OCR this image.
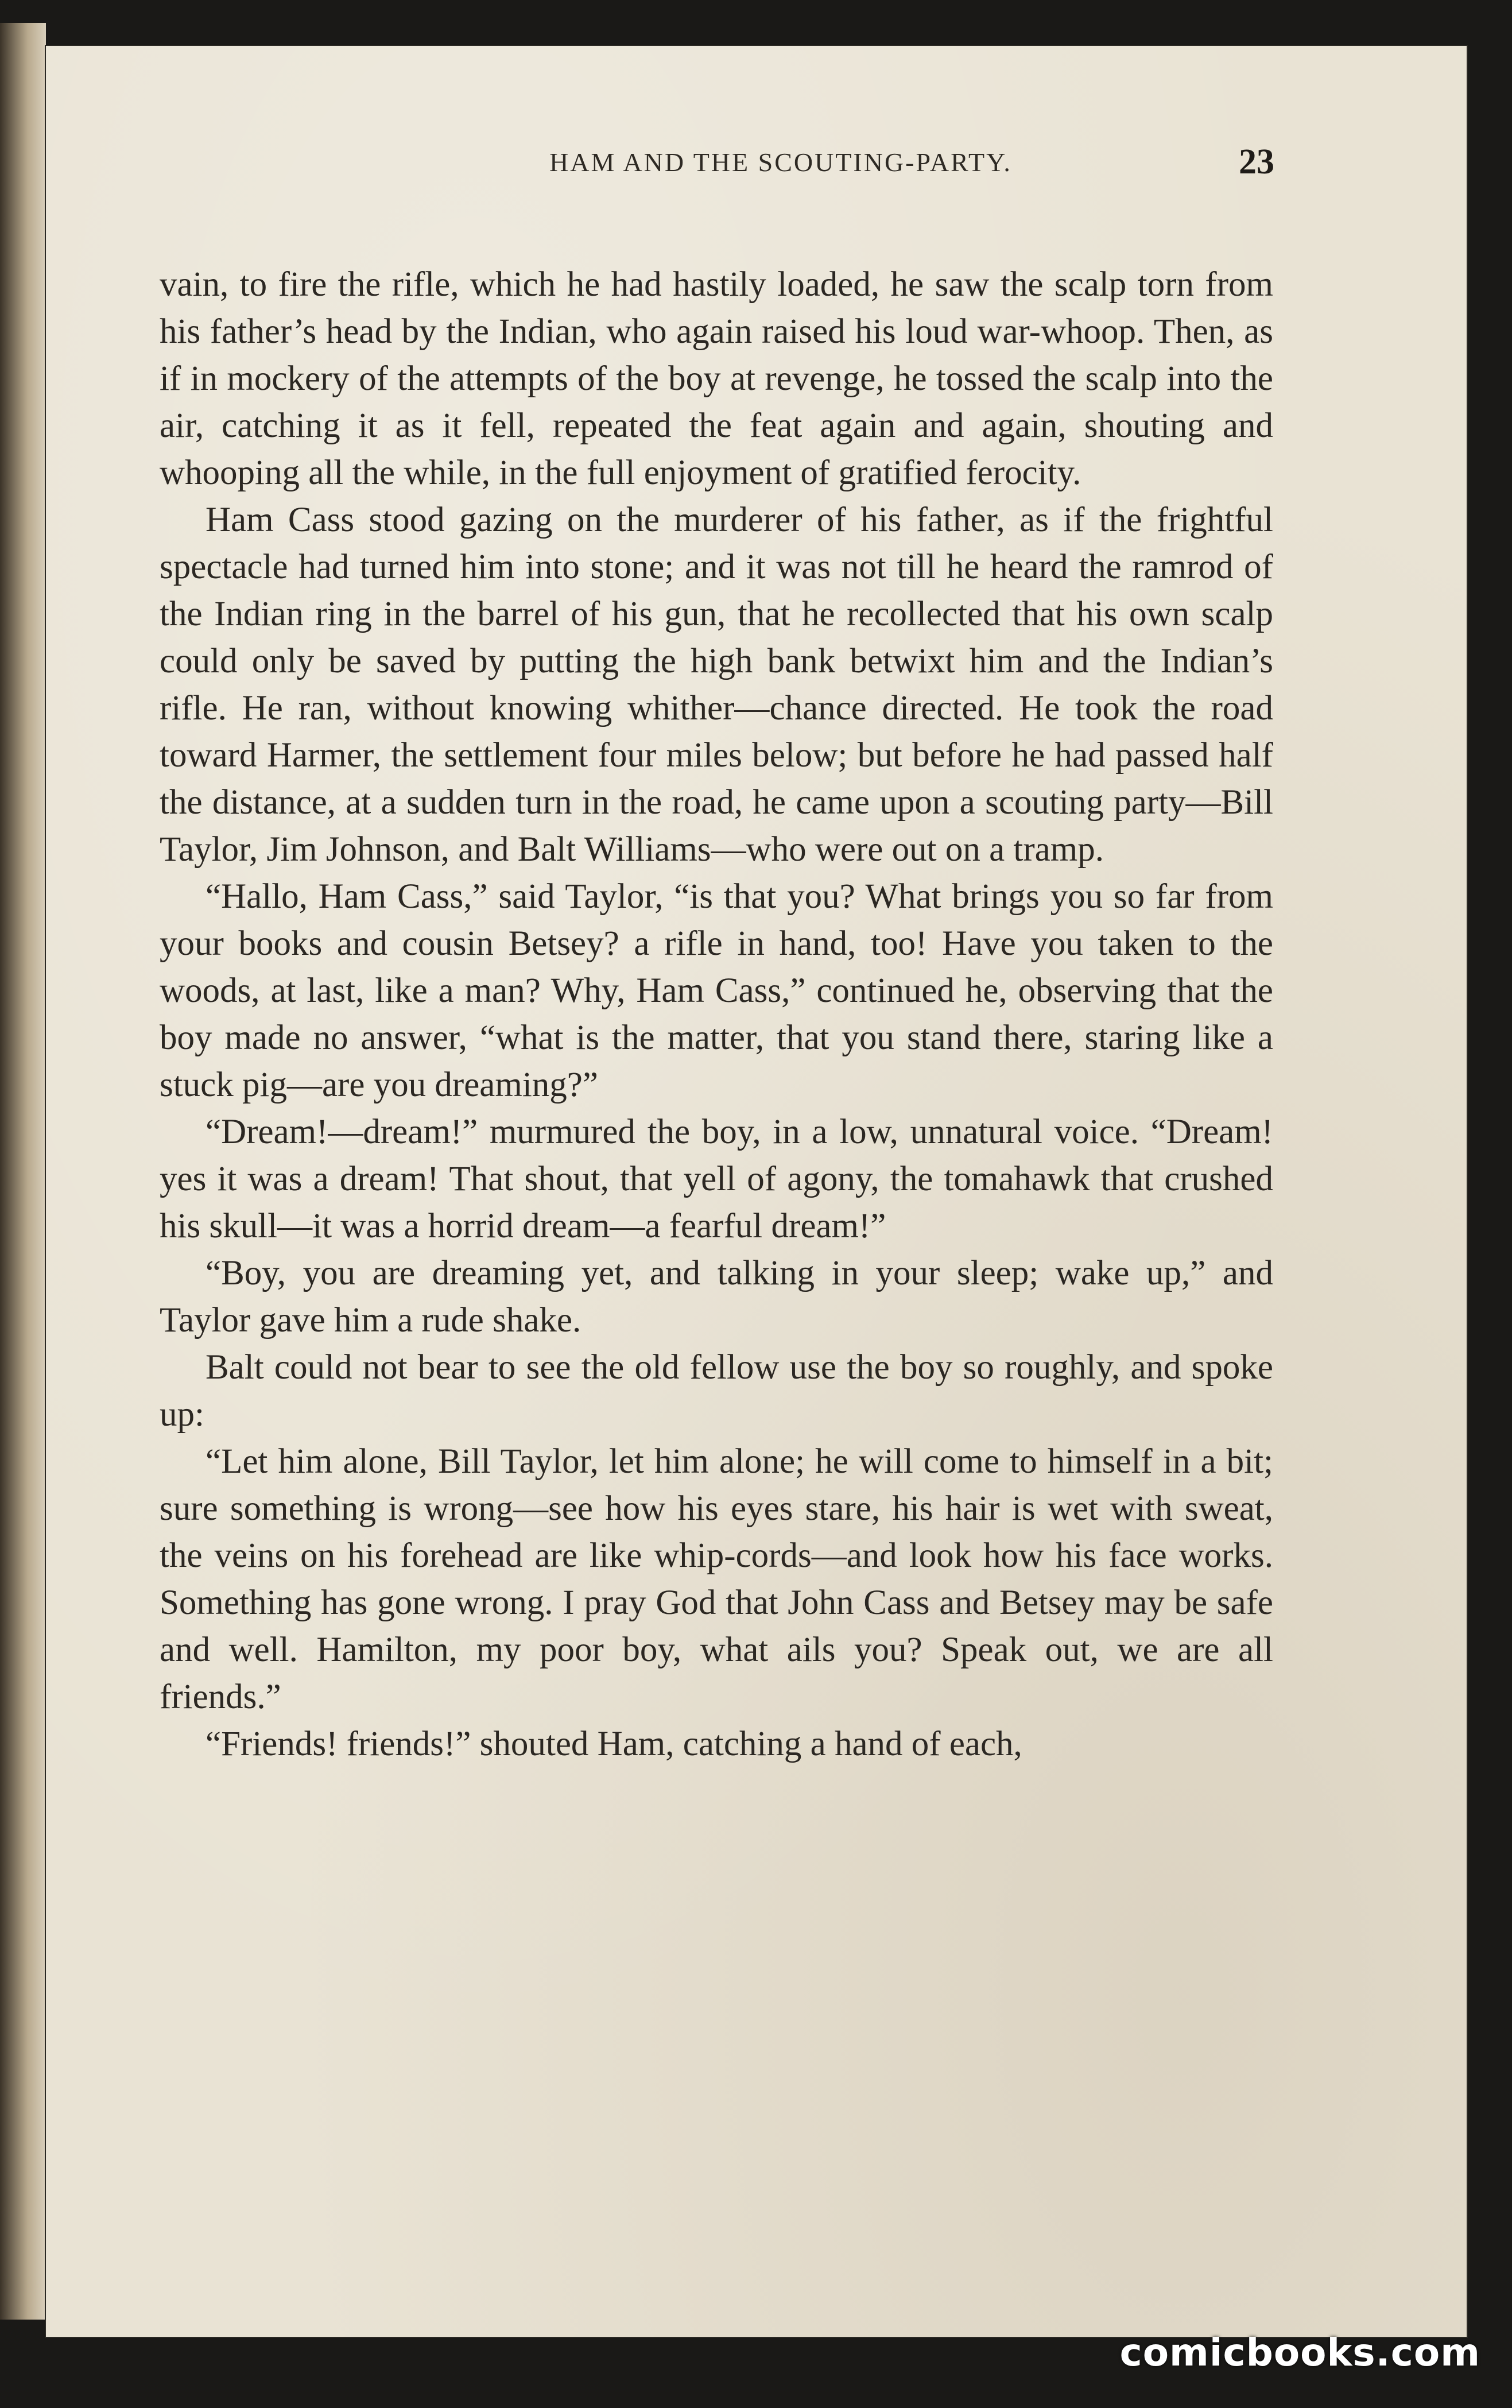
HAM AND THE SCOUTING-PARTY.	23

vain, to fire the rifle, which he had hastily loaded, he saw the scalp torn from his father’s head by the Indian, who again raised his loud war-whoop. Then, as if in mockery of the attempts of the boy at revenge, he tossed the scalp into the air, catching it as it fell, repeated the feat again and again, shouting and whooping all the while, in the full enjoyment of gratified ferocity.

Ham Cass stood gazing on the murderer of his father, as if the frightful spectacle had turned him into stone; and it was not till he heard the ramrod of the Indian ring in the barrel of his gun, that he recollected that his own scalp could only be saved by putting the high bank betwixt him and the Indian’s rifle. He ran, without knowing whither—chance directed. He took the road toward Harmer, the settlement four miles below; but before he had passed half the distance, at a sudden turn in the road, he came upon a scouting party—Bill Taylor, Jim Johnson, and Balt Williams—who were out on a tramp.

“Hallo, Ham Cass,” said Taylor, “is that you? What brings you so far from your books and cousin Betsey? a rifle in hand, too! Have you taken to the woods, at last, like a man? Why, Ham Cass,” continued he, observing that the boy made no answer, “what is the matter, that you stand there, staring like a stuck pig—are you dreaming?”

“Dream!—dream!” murmured the boy, in a low, unnatural voice. “Dream! yes it was a dream! That shout, that yell of agony, the tomahawk that crushed his skull—it was a horrid dream—a fearful dream!”

“Boy, you are dreaming yet, and talking in your sleep; wake up,” and Taylor gave him a rude shake.

Balt could not bear to see the old fellow use the boy so roughly, and spoke up:

“Let him alone, Bill Taylor, let him alone; he will come to himself in a bit; sure something is wrong—see how his eyes stare, his hair is wet with sweat, the veins on his forehead are like whip-cords—and look how his face works. Something has gone wrong. I pray God that John Cass and Betsey may be safe and well. Hamilton, my poor boy, what ails you? Speak out, we are all friends.”

“Friends! friends!” shouted Ham, catching a hand of each,

comicbooks.com
